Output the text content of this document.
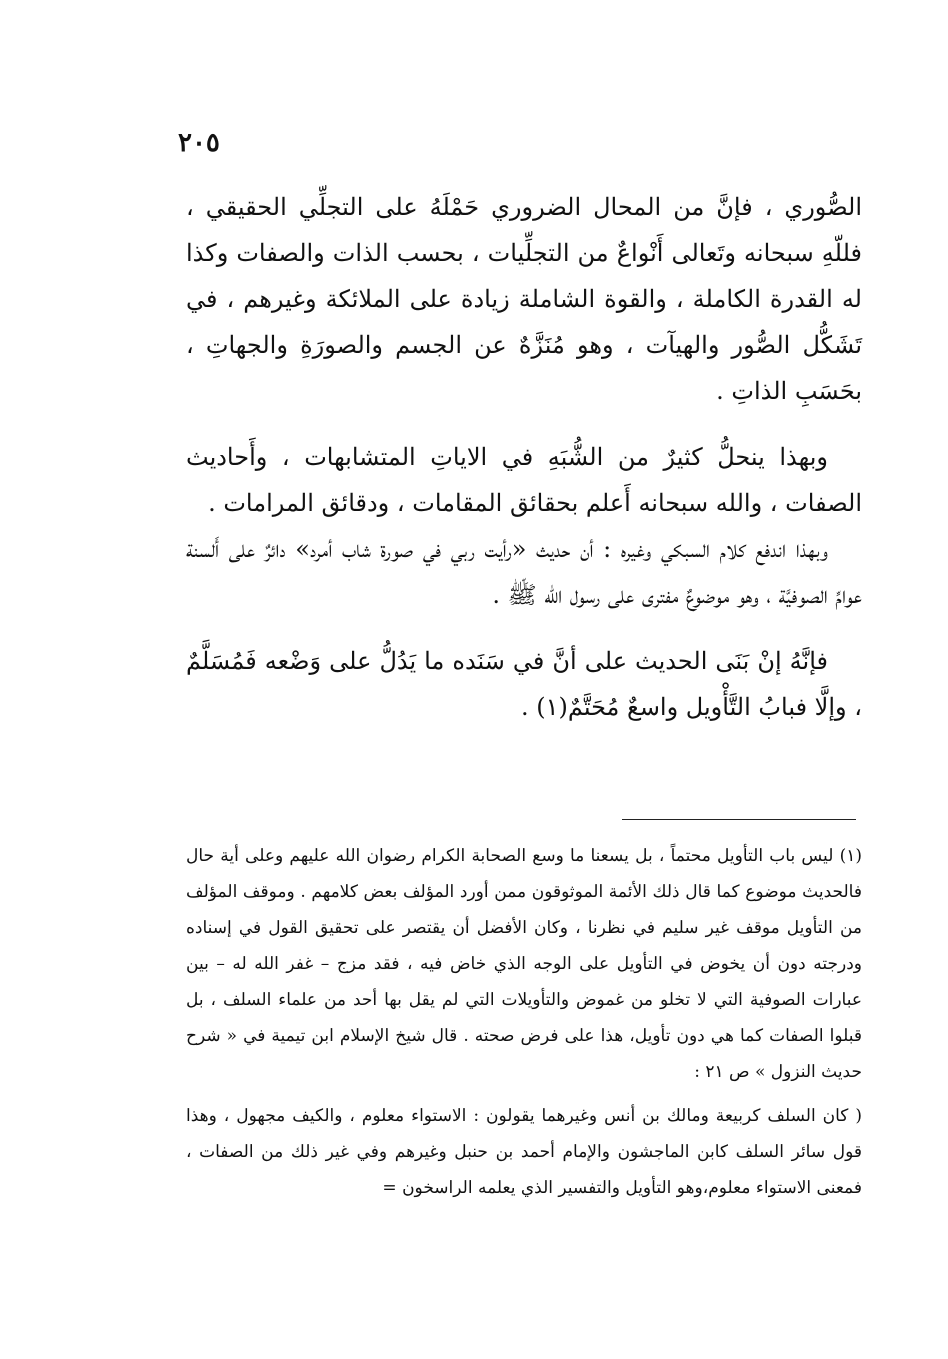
٢٠٥

الصُّوري ، فإنَّ من المحال الضروري حَمْلَهُ على التجلِّي الحقيقي ، فللّهِ سبحانه وتَعالى أَنْواعٌ من التجلِّيات ، بحسب الذات والصفات وكذا له القدرة الكاملة ، والقوة الشاملة زيادة على الملائكة وغيرهم ، في تَشَكُّل الصُّور والهيآت ، وهو مُنَزَّهٌ عن الجسم والصورَةِ والجهاتِ ، بحَسَبِ الذاتِ .

وبهذا ينحلُّ كثيرٌ من الشُّبَهِ في الاياتِ المتشابهات ، وأَحاديث الصفات ، والله سبحانه أَعلم بحقائق المقامات ، ودقائق المرامات .

وبهذا اندفع كلام السبكي وغيره : أن حديث «رأيت ربي في صورة شاب أمرد» دائرٌ على أَلسنة عوامِّ الصوفيَّة ، وهو موضوعٌ مفترى على رسول الله ﷺ .

فإنَّهُ إنْ بَنَى الحديث على أنَّ في سَنَده ما يَدُلُّ على وَضْعه فَمُسَلَّمٌ ، وإلَّا فبابُ التَّأْويل واسعٌ مُحَتَّمٌ(١) .

(١) ليس باب التأويل محتماً ، بل يسعنا ما وسع الصحابة الكرام رضوان الله عليهم وعلى أية حال فالحديث موضوع كما قال ذلك الأئمة الموثوقون ممن أورد المؤلف بعض كلامهم . وموقف المؤلف من التأويل موقف غير سليم في نظرنا ، وكان الأفضل أن يقتصر على تحقيق القول في إسناده ودرجته دون أن يخوض في التأويل على الوجه الذي خاض فيه ، فقد مزج – غفر الله له – بين عبارات الصوفية التي لا تخلو من غموض والتأويلات التي لم يقل بها أحد من علماء السلف ، بل قبلوا الصفات كما هي دون تأويل، هذا على فرض صحته . قال شيخ الإسلام ابن تيمية في « شرح حديث النزول » ص ٢١ :

( كان السلف كربيعة ومالك بن أنس وغيرهما يقولون : الاستواء معلوم ، والكيف مجهول ، وهذا قول سائر السلف كابن الماجشون والإمام أحمد بن حنبل وغيرهم وفي غير ذلك من الصفات ، فمعنى الاستواء معلوم،وهو التأويل والتفسير الذي يعلمه الراسخون =
